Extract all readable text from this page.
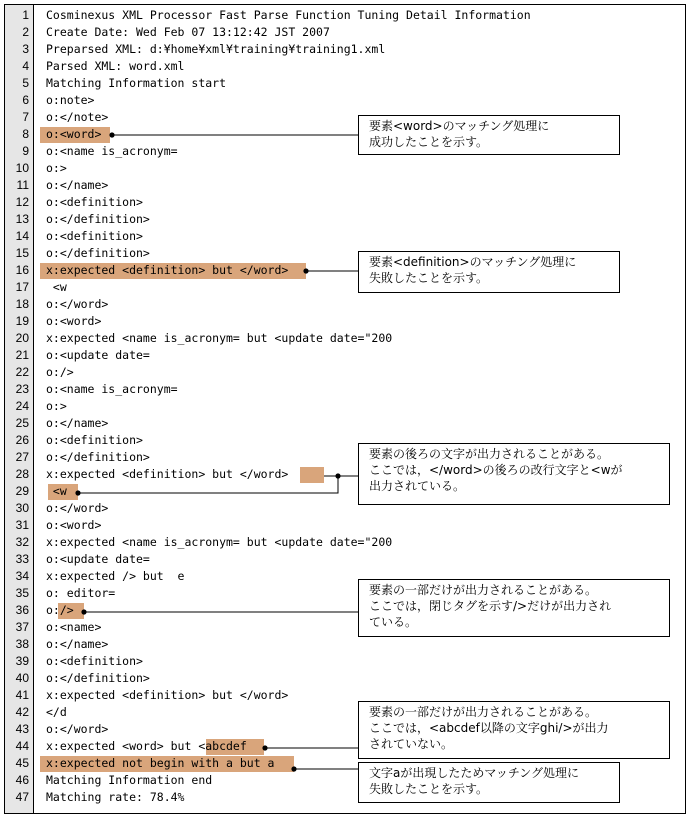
1 Cosminexus XML Processor Fast Parse Function Tuning Detail Information
2 Create Date: Wed Feb 07 13:12:42 JST 2007
3 Preparsed XML: d:¥home¥xml¥training¥training1.xml
4 Parsed XML: word.xml
5 Matching Information start
6 o:note>
7 o:</note>
8 o:<word>
9 o:<name is_acronym=
10 o:>
11 o:</name>
12 o:<definition>
13 o:</definition>
14 o:<definition>
15 o:</definition>
16 x:expected <definition> but </word>
17 <w
18 o:</word>
19 o:<word>
20 x:expected <name is_acronym= but <update date="200
21 o:<update date=
22 o:/>
23 o:<name is_acronym=
24 o:>
25 o:</name>
26 o:<definition>
27 o:</definition>
28 x:expected <definition> but </word>
29 <w
30 o:</word>
31 o:<word>
32 x:expected <name is_acronym= but <update date="200
33 o:<update date=
34 x:expected /> but  e
35 o: editor=
36 o:/>
37 o:<name>
38 o:</name>
39 o:<definition>
40 o:</definition>
41 x:expected <definition> but </word>
42 </d
43 o:</word>
44 x:expected <word> but <abcdef
45 x:expected not begin with a but a
46 Matching Information end
47 Matching rate: 78.4%
要素<word>のマッチング処理に
成功したことを示す。
要素<definition>のマッチング処理に
失敗したことを示す。
要素の後ろの文字が出力されることがある。
ここでは，</word>の後ろの改行文字と<wが
出力されている。
要素の一部だけが出力されることがある。
ここでは，閉じタグを示す/>だけが出力され
ている。
要素の一部だけが出力されることがある。
ここでは，<abcdef以降の文字ghi/>が出力
されていない。
文字aが出現したためマッチング処理に
失敗したことを示す。
